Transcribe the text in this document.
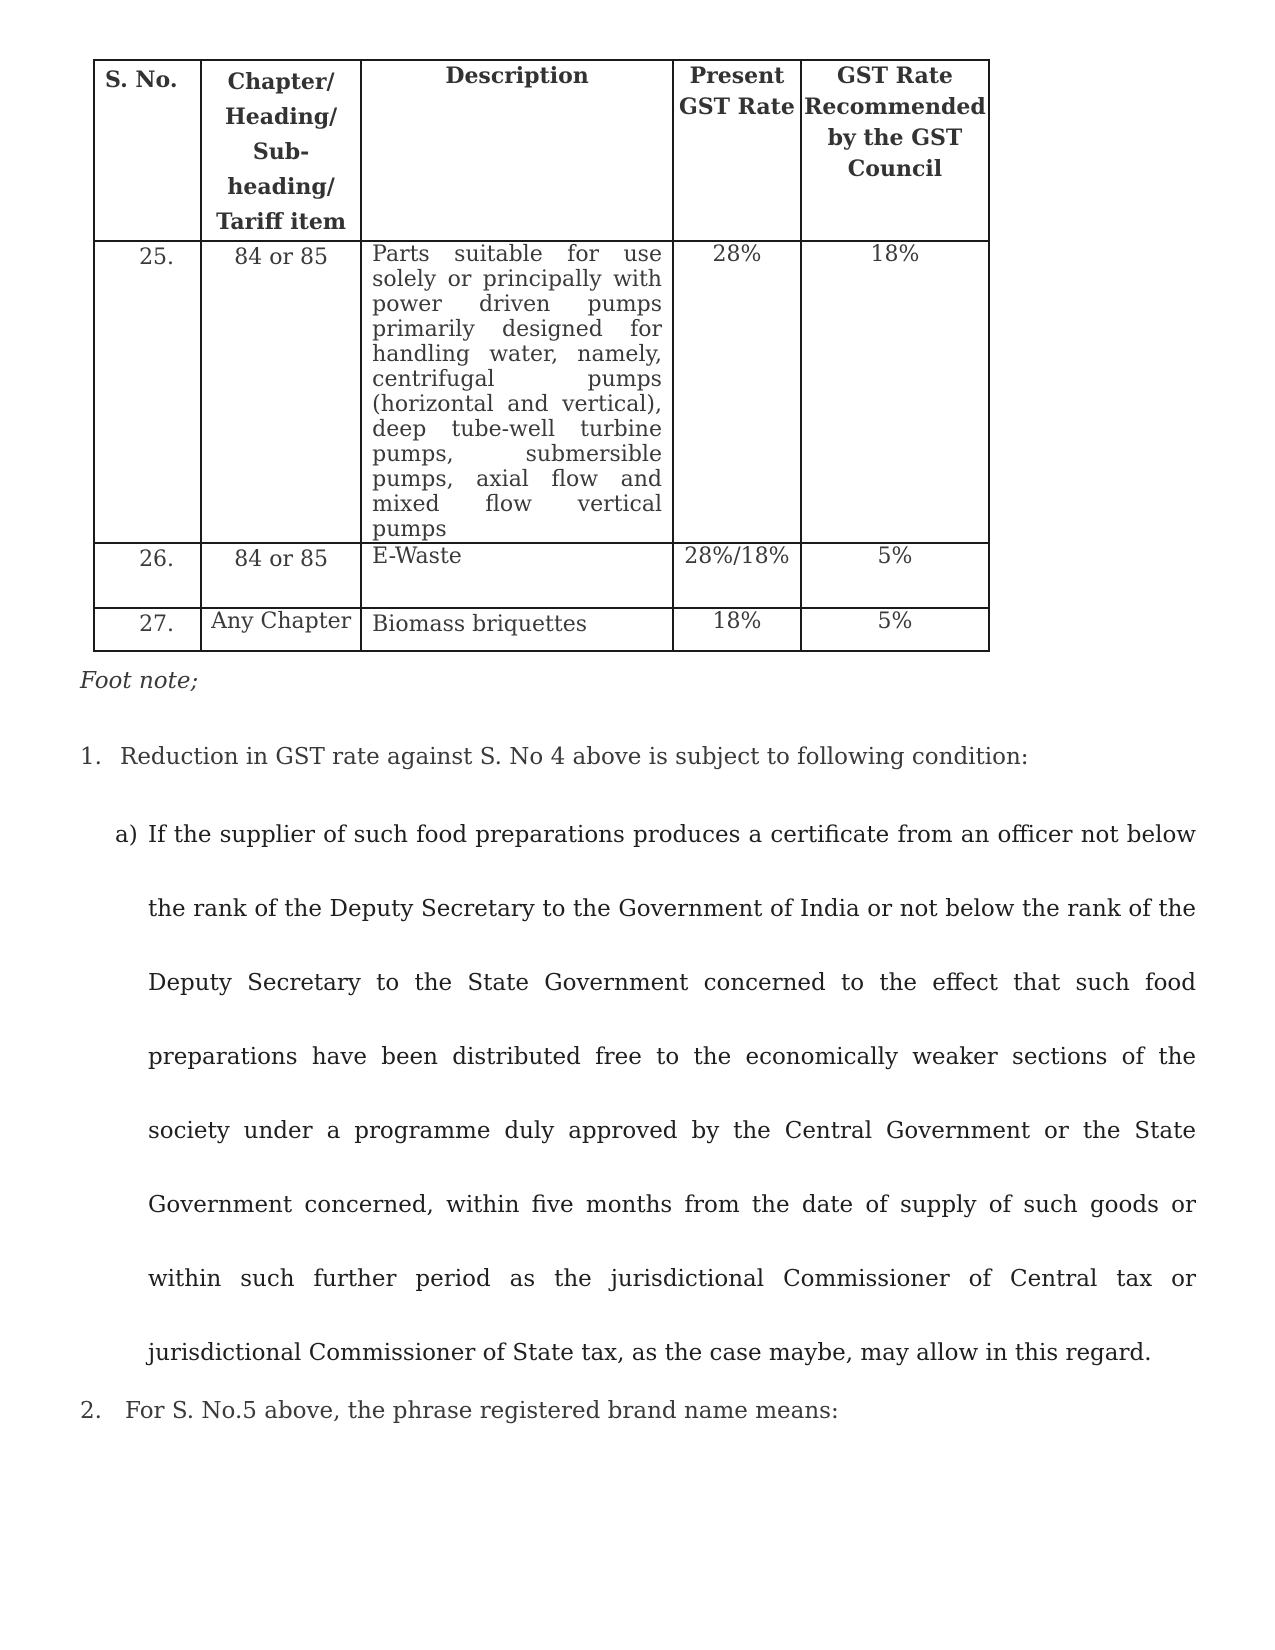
S. No.	Chapter/ Heading/ Sub-heading/ Tariff item	Description	Present GST Rate	GST Rate Recommended by the GST Council
25.	84 or 85	Parts suitable for use solely or principally with power driven pumps primarily designed for handling water, namely, centrifugal pumps (horizontal and vertical), deep tube-well turbine pumps, submersible pumps, axial flow and mixed flow vertical pumps	28%	18%
26.	84 or 85	E-Waste	28%/18%	5%
27.	Any Chapter	Biomass briquettes	18%	5%
Foot note;
1. Reduction in GST rate against S. No 4 above is subject to following condition:
a) If the supplier of such food preparations produces a certificate from an officer not below the rank of the Deputy Secretary to the Government of India or not below the rank of the Deputy Secretary to the State Government concerned to the effect that such food preparations have been distributed free to the economically weaker sections of the society under a programme duly approved by the Central Government or the State Government concerned, within five months from the date of supply of such goods or within such further period as the jurisdictional Commissioner of Central tax or jurisdictional Commissioner of State tax, as the case maybe, may allow in this regard.
2. For S. No.5 above, the phrase registered brand name means:
